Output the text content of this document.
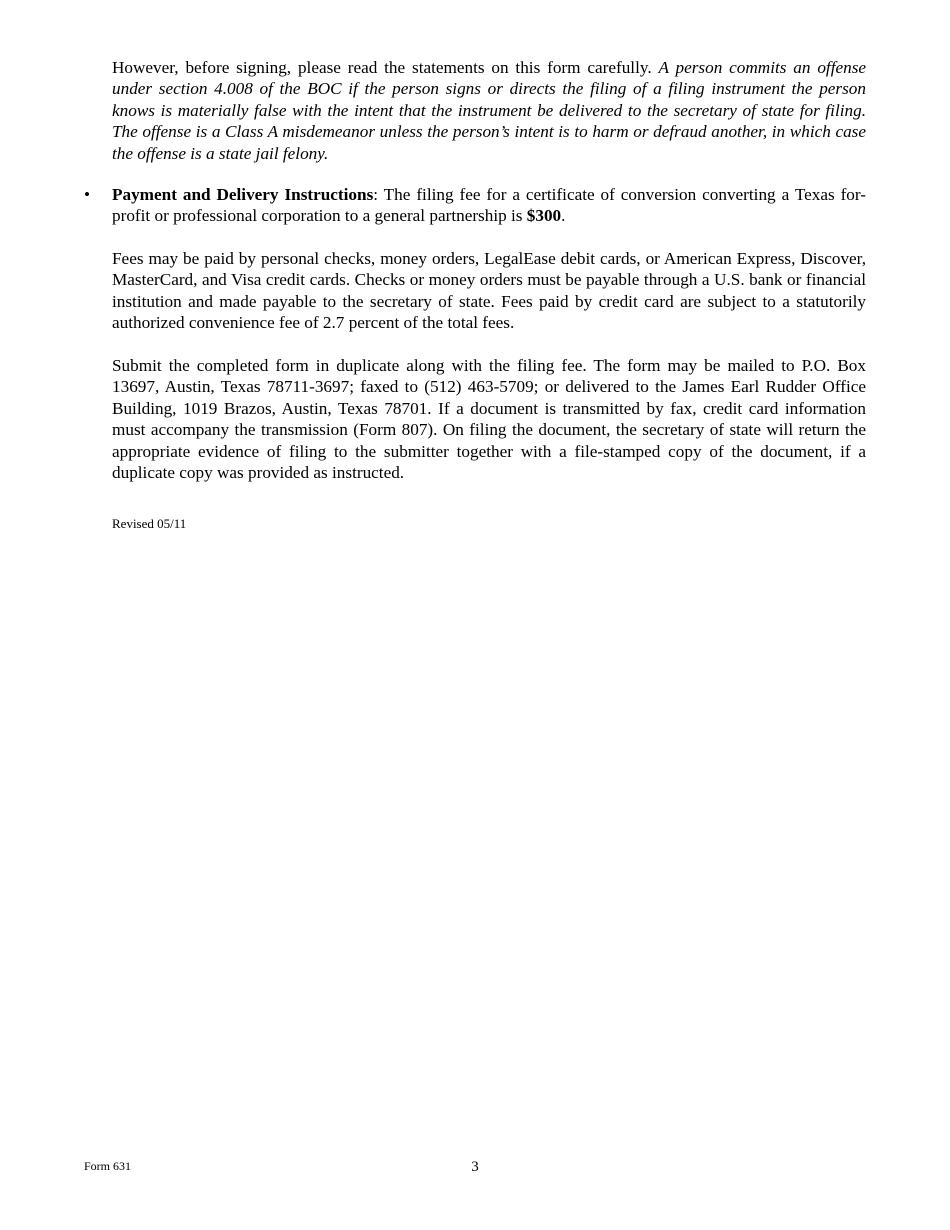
However, before signing, please read the statements on this form carefully. A person commits an offense under section 4.008 of the BOC if the person signs or directs the filing of a filing instrument the person knows is materially false with the intent that the instrument be delivered to the secretary of state for filing. The offense is a Class A misdemeanor unless the person’s intent is to harm or defraud another, in which case the offense is a state jail felony.

• Payment and Delivery Instructions: The filing fee for a certificate of conversion converting a Texas for-profit or professional corporation to a general partnership is $300.

Fees may be paid by personal checks, money orders, LegalEase debit cards, or American Express, Discover, MasterCard, and Visa credit cards. Checks or money orders must be payable through a U.S. bank or financial institution and made payable to the secretary of state. Fees paid by credit card are subject to a statutorily authorized convenience fee of 2.7 percent of the total fees.

Submit the completed form in duplicate along with the filing fee. The form may be mailed to P.O. Box 13697, Austin, Texas 78711-3697; faxed to (512) 463-5709; or delivered to the James Earl Rudder Office Building, 1019 Brazos, Austin, Texas 78701. If a document is transmitted by fax, credit card information must accompany the transmission (Form 807). On filing the document, the secretary of state will return the appropriate evidence of filing to the submitter together with a file-stamped copy of the document, if a duplicate copy was provided as instructed.

Revised 05/11
Form 631	3
